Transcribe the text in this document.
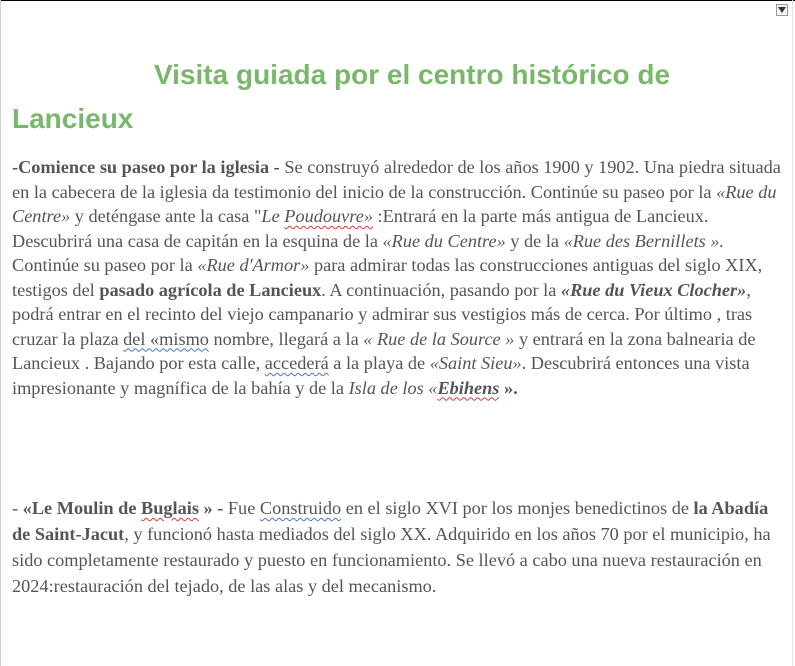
Visita guiada por el centro histórico de
Lancieux

-Comience su paseo por la iglesia - Se construyó alrededor de los años 1900 y 1902. Una piedra situada en la cabecera de la iglesia da testimonio del inicio de la construcción. Continúe su paseo por la «Rue du Centre» y deténgase ante la casa "Le Poudouvre» :Entrará en la parte más antigua de Lancieux. Descubrirá una casa de capitán en la esquina de la «Rue du Centre» y de la «Rue des Bernillets ». Continúe su paseo por la «Rue d'Armor» para admirar todas las construcciones antiguas del siglo XIX, testigos del pasado agrícola de Lancieux. A continuación, pasando por la «Rue du Vieux Clocher», podrá entrar en el recinto del viejo campanario y admirar sus vestigios más de cerca. Por último , tras cruzar la plaza del «mismo nombre, llegará a la « Rue de la Source » y entrará en la zona balnearia de Lancieux . Bajando por esta calle, accederá a la playa de «Saint Sieu». Descubrirá entonces una vista impresionante y magnífica de la bahía y de la Isla de los «Ebihens ».

- «Le Moulin de Buglais » - Fue Construido en el siglo XVI por los monjes benedictinos de la Abadía de Saint-Jacut, y funcionó hasta mediados del siglo XX. Adquirido en los años 70 por el municipio, ha sido completamente restaurado y puesto en funcionamiento. Se llevó a cabo una nueva restauración en 2024:restauración del tejado, de las alas y del mecanismo.
